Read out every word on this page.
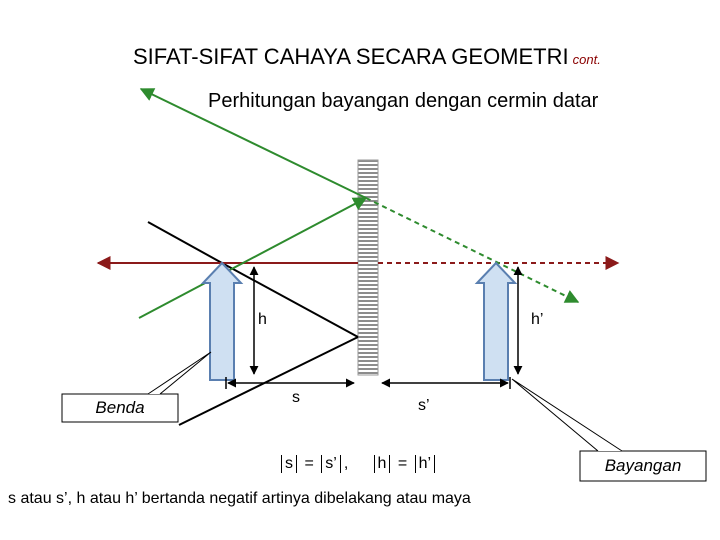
SIFAT-SIFAT CAHAYA SECARA GEOMETRI cont.
Perhitungan bayangan dengan cermin datar
h	h’
s	s’
Benda
Bayangan
s = s’ , h = h’
s atau s’, h atau h’ bertanda negatif artinya dibelakang atau maya
